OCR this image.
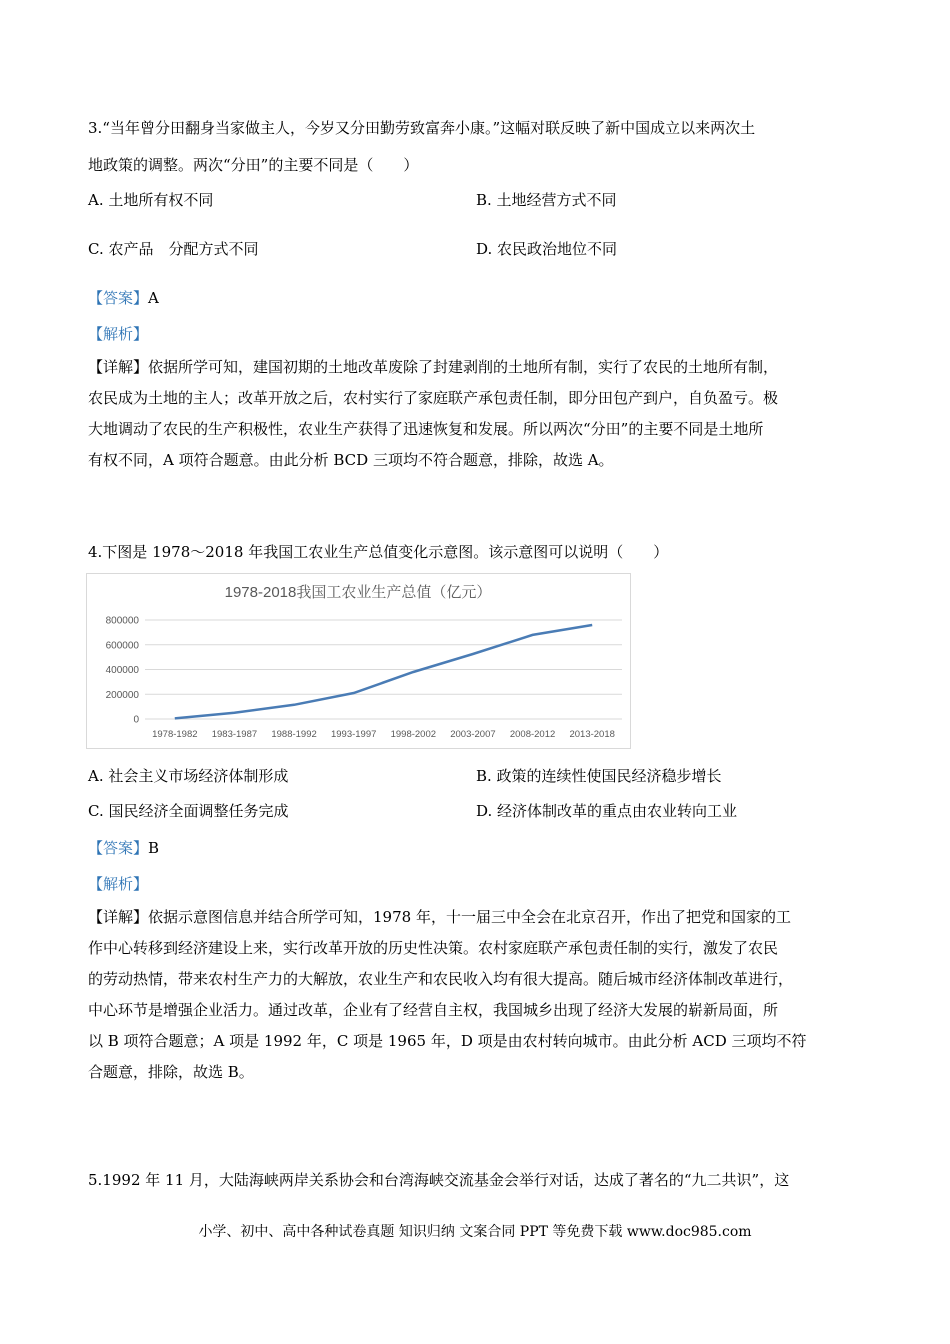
3.“当年曾分田翻身当家做主人，今岁又分田勤劳致富奔小康。”这幅对联反映了新中国成立以来两次土
地政策的调整。两次“分田”的主要不同是（　　）
A. 土地所有权不同	B. 土地经营方式不同
C. 农产品　分配方式不同	D. 农民政治地位不同
【答案】A
【解析】

【详解】依据所学可知，建国初期的土地改革废除了封建剥削的土地所有制，实行了农民的土地所有制，

农民成为土地的主人；改革开放之后，农村实行了家庭联产承包责任制，即分田包产到户，自负盈亏。极

大地调动了农民的生产积极性，农业生产获得了迅速恢复和发展。所以两次“分田”的主要不同是土地所

有权不同，A 项符合题意。由此分析 BCD 三项均不符合题意，排除，故选 A。

4.下图是 1978～2018 年我国工农业生产总值变化示意图。该示意图可以说明（　　）
1978-2018我国工农业生产总值（亿元）
0
200000
400000
600000
800000
1978-1982 1983-1987 1988-1992 1993-1997 1998-2002 2003-2007 2008-2012 2013-2018
A. 社会主义市场经济体制形成	B. 政策的连续性使国民经济稳步增长
C. 国民经济全面调整任务完成	D. 经济体制改革的重点由农业转向工业
【答案】B
【解析】

【详解】依据示意图信息并结合所学可知，1978 年，十一届三中全会在北京召开，作出了把党和国家的工

作中心转移到经济建设上来，实行改革开放的历史性决策。农村家庭联产承包责任制的实行，激发了农民

的劳动热情，带来农村生产力的大解放，农业生产和农民收入均有很大提高。随后城市经济体制改革进行，

中心环节是增强企业活力。通过改革，企业有了经营自主权，我国城乡出现了经济大发展的崭新局面，所

以 B 项符合题意；A 项是 1992 年，C 项是 1965 年，D 项是由农村转向城市。由此分析 ACD 三项均不符

合题意，排除，故选 B。

5.1992 年 11 月，大陆海峡两岸关系协会和台湾海峡交流基金会举行对话，达成了著名的“九二共识”，这
小学、初中、高中各种试卷真题 知识归纳 文案合同 PPT 等免费下载 www.doc985.com
